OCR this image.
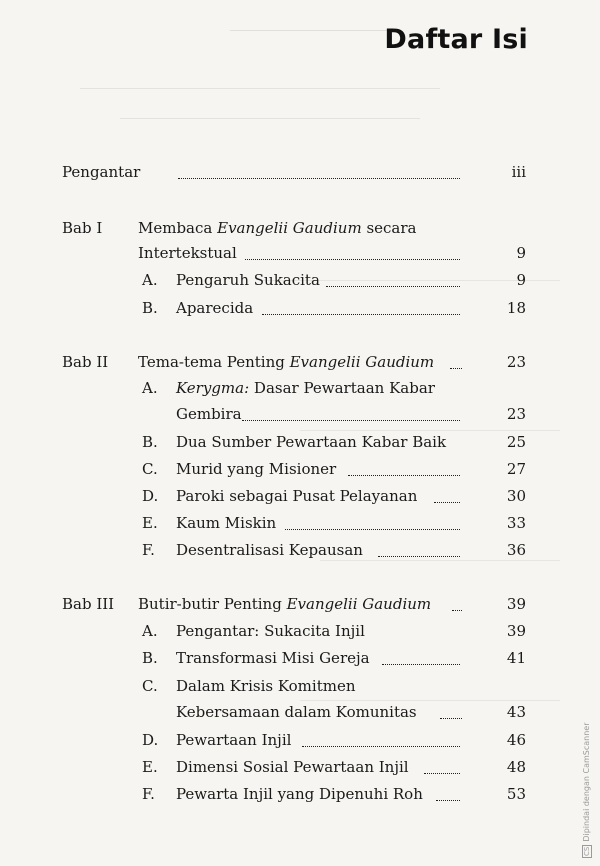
Daftar Isi
Pengantar	iii
Bab I Membaca Evangelii Gaudium secara
Intertekstual	9
A. Pengaruh Sukacita	9
B. Aparecida	18
Bab II Tema-tema Penting Evangelii Gaudium	23
A. Kerygma: Dasar Pewartaan Kabar
Gembira	23
B. Dua Sumber Pewartaan Kabar Baik	25
C. Murid yang Misioner	27
D. Paroki sebagai Pusat Pelayanan	30
E. Kaum Miskin	33
F. Desentralisasi Kepausan	36
Bab III Butir-butir Penting Evangelii Gaudium	39
A. Pengantar: Sukacita Injil	39
B. Transformasi Misi Gereja	41
C. Dalam Krisis Komitmen
Kebersamaan dalam Komunitas	43
D. Pewartaan Injil	46
E. Dimensi Sosial Pewartaan Injil	48
F. Pewarta Injil yang Dipenuhi Roh	53
CSDipindai dengan CamScanner
